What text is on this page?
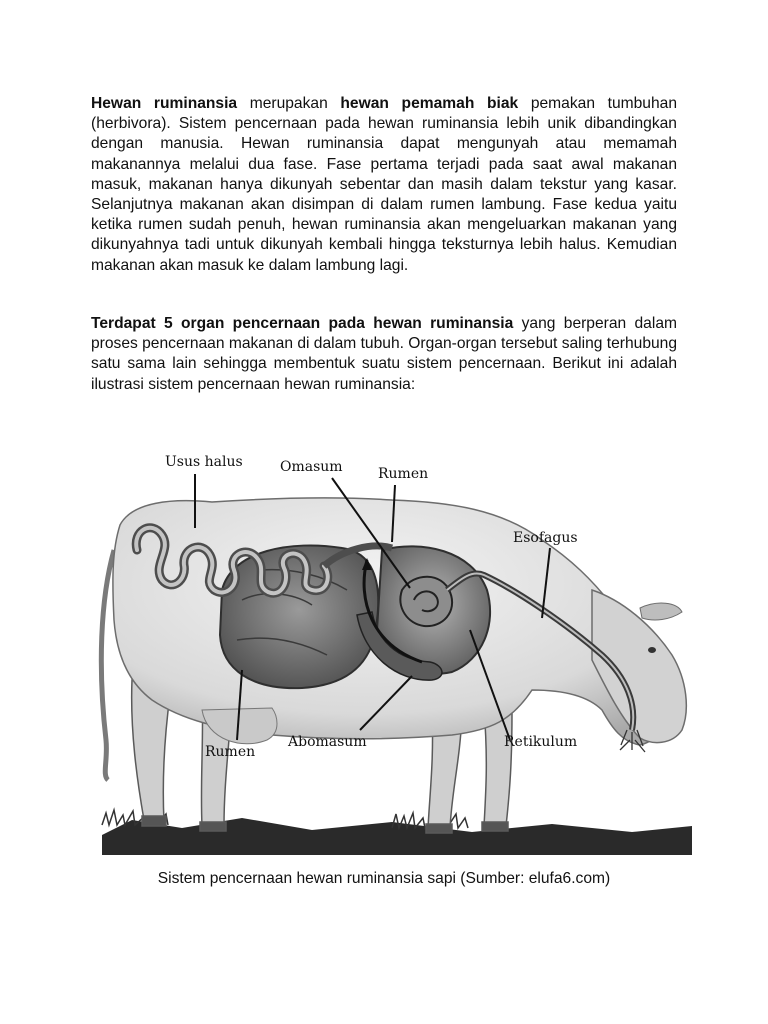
Hewan ruminansia merupakan hewan pemamah biak pemakan tumbuhan (herbivora). Sistem pencernaan pada hewan ruminansia lebih unik dibandingkan dengan manusia. Hewan ruminansia dapat mengunyah atau memamah makanannya melalui dua fase. Fase pertama terjadi pada saat awal makanan masuk, makanan hanya dikunyah sebentar dan masih dalam tekstur yang kasar. Selanjutnya makanan akan disimpan di dalam rumen lambung. Fase kedua yaitu ketika rumen sudah penuh, hewan ruminansia akan mengeluarkan makanan yang dikunyahnya tadi untuk dikunyah kembali hingga teksturnya lebih halus. Kemudian makanan akan masuk ke dalam lambung lagi.

Terdapat 5 organ pencernaan pada hewan ruminansia yang berperan dalam proses pencernaan makanan di dalam tubuh. Organ-organ tersebut saling terhubung satu sama lain sehingga membentuk suatu sistem pencernaan. Berikut ini adalah ilustrasi sistem pencernaan hewan ruminansia:

Usus halus	Omasum	Rumen
Esofagus
Rumen
Abomasum	Retikulum
Sistem pencernaan hewan ruminansia sapi (Sumber: elufa6.com)
